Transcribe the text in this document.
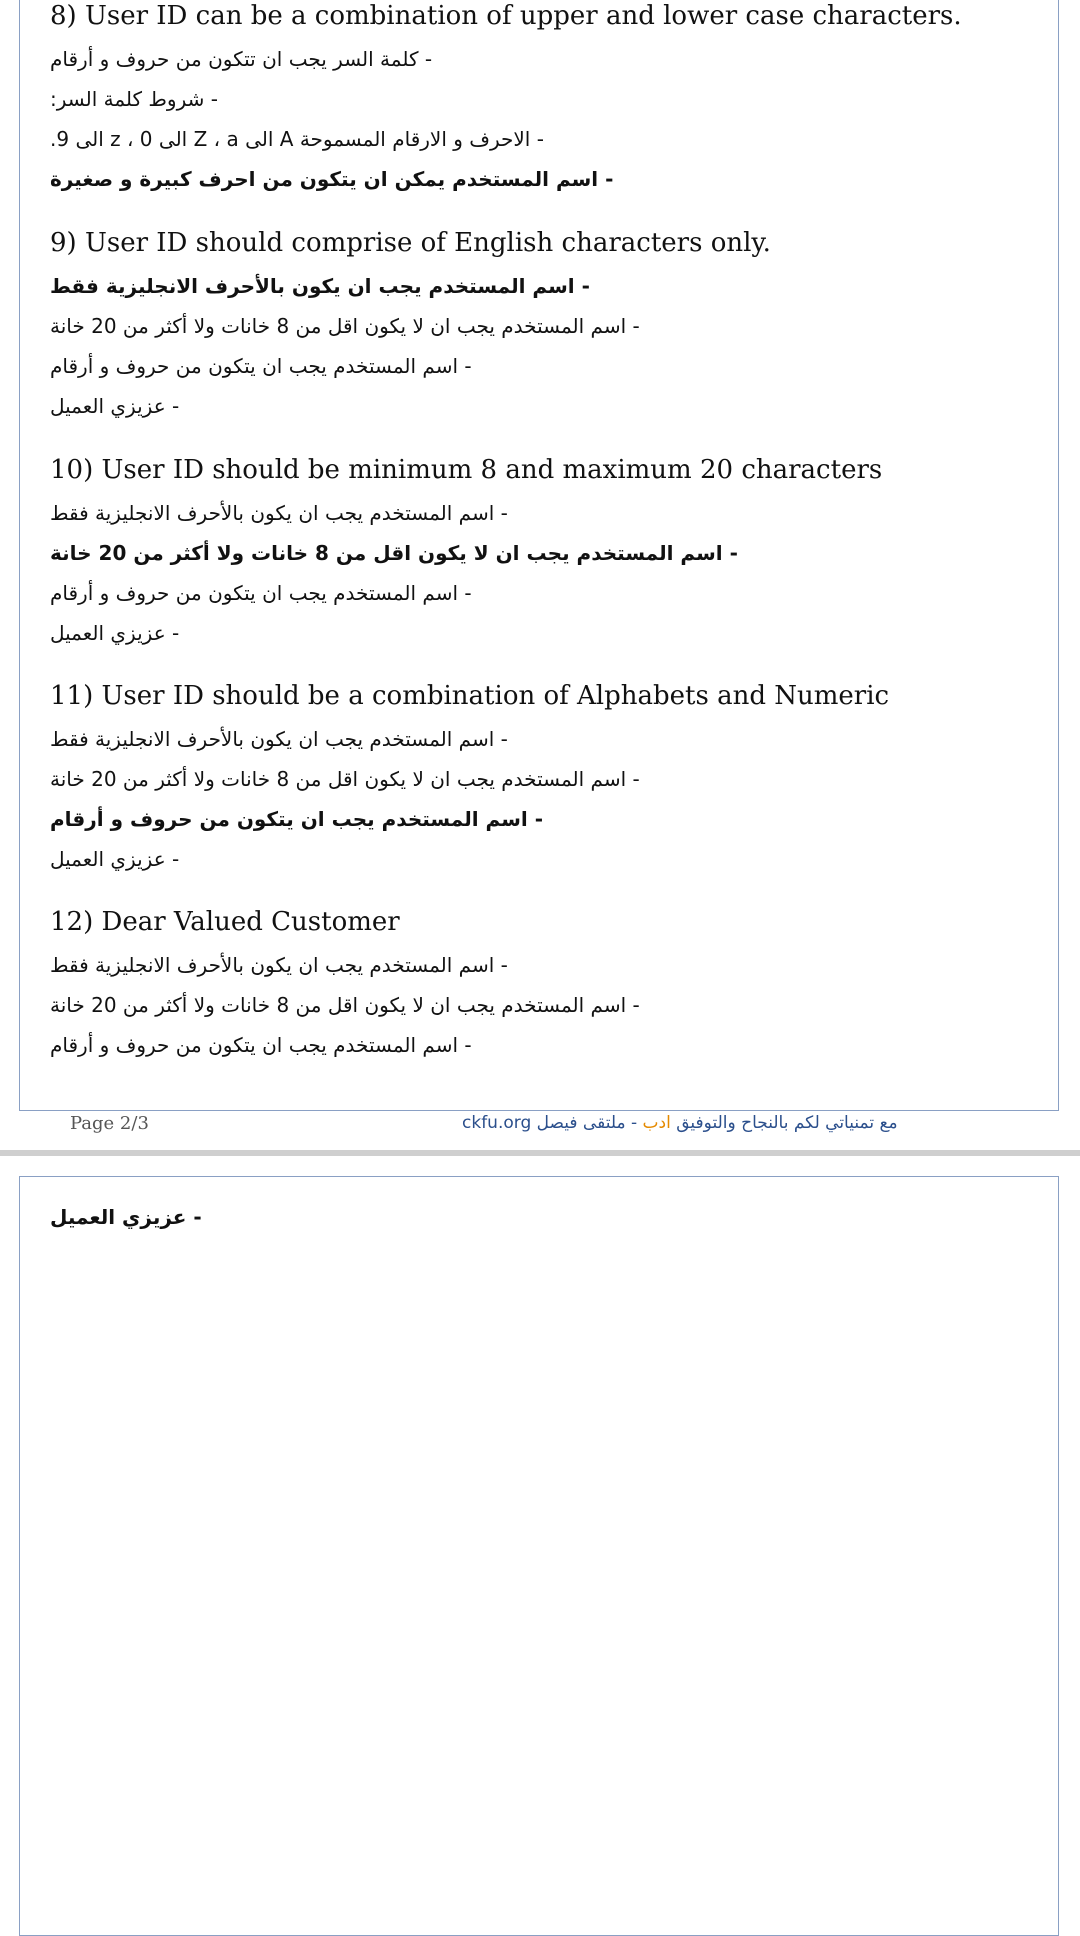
8) User ID can be a combination of upper and lower case characters.
- كلمة السر يجب ان تتكون من حروف و أرقام
- شروط كلمة السر:
- الاحرف و الارقام المسموحة A الى Z ، a الى z ، 0 الى 9.
- اسم المستخدم يمكن ان يتكون من احرف كبيرة و صغيرة
9) User ID should comprise of English characters only.
- اسم المستخدم يجب ان يكون بالأحرف الانجليزية فقط
- اسم المستخدم يجب ان لا يكون اقل من 8 خانات ولا أكثر من 20 خانة
- اسم المستخدم يجب ان يتكون من حروف و أرقام
- عزيزي العميل
10) User ID should be minimum 8 and maximum 20 characters
- اسم المستخدم يجب ان يكون بالأحرف الانجليزية فقط
- اسم المستخدم يجب ان لا يكون اقل من 8 خانات ولا أكثر من 20 خانة
- اسم المستخدم يجب ان يتكون من حروف و أرقام
- عزيزي العميل
11) User ID should be a combination of Alphabets and Numeric
- اسم المستخدم يجب ان يكون بالأحرف الانجليزية فقط
- اسم المستخدم يجب ان لا يكون اقل من 8 خانات ولا أكثر من 20 خانة
- اسم المستخدم يجب ان يتكون من حروف و أرقام
- عزيزي العميل
12) Dear Valued Customer
- اسم المستخدم يجب ان يكون بالأحرف الانجليزية فقط
- اسم المستخدم يجب ان لا يكون اقل من 8 خانات ولا أكثر من 20 خانة
- اسم المستخدم يجب ان يتكون من حروف و أرقام
Page 2/3	مع تمنياتي لكم بالنجاح والتوفيق ادب - ملتقى فيصل ckfu.org
- عزيزي العميل
